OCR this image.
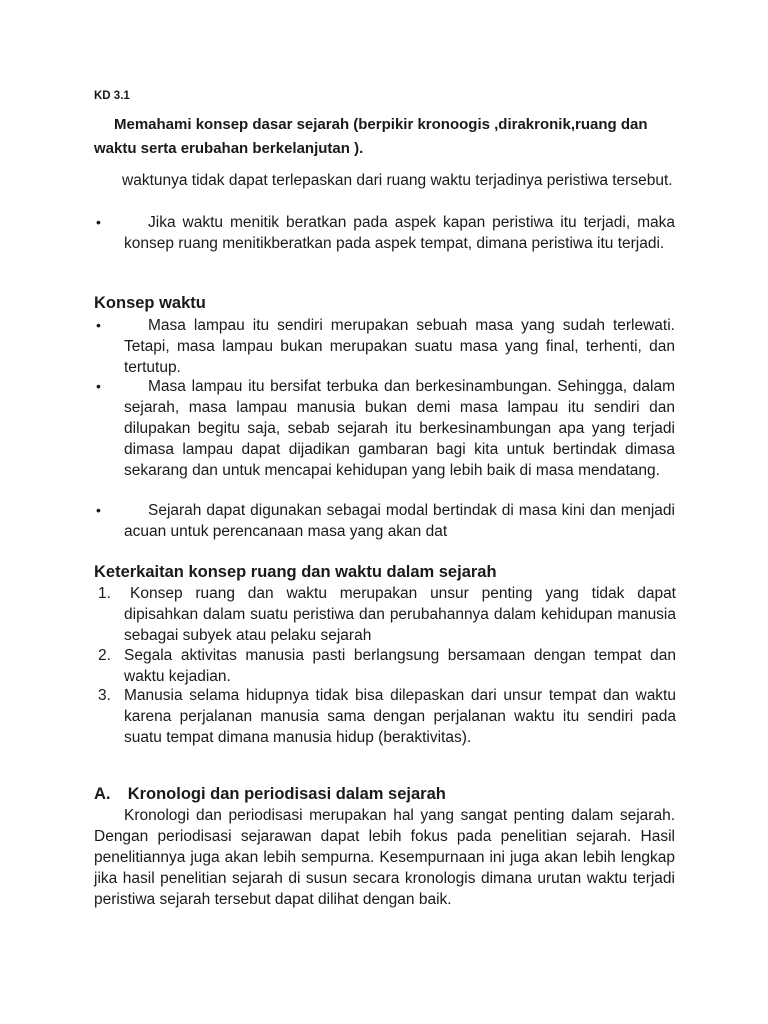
KD 3.1
Memahami konsep dasar sejarah (berpikir kronoogis ,dirakronik,ruang dan waktu serta erubahan berkelanjutan ).
waktunya tidak dapat terlepaskan dari ruang waktu terjadinya peristiwa tersebut.
•	Jika waktu menitik beratkan pada aspek kapan peristiwa itu terjadi, maka konsep ruang menitikberatkan pada aspek tempat, dimana peristiwa itu terjadi.
Konsep waktu
•	Masa lampau itu sendiri merupakan sebuah masa yang sudah terlewati. Tetapi, masa lampau bukan merupakan suatu masa yang final, terhenti, dan tertutup.
•	Masa lampau itu bersifat terbuka dan berkesinambungan. Sehingga, dalam sejarah, masa lampau manusia bukan demi masa lampau itu sendiri dan dilupakan begitu saja, sebab sejarah itu berkesinambungan apa yang terjadi dimasa lampau dapat dijadikan gambaran bagi kita untuk bertindak dimasa sekarang dan untuk mencapai kehidupan yang lebih baik di masa mendatang.
•	Sejarah dapat digunakan sebagai modal bertindak di masa kini dan menjadi acuan untuk perencanaan masa yang akan dat
Keterkaitan konsep ruang dan waktu dalam sejarah
1.	Konsep ruang dan waktu merupakan unsur penting yang tidak dapat dipisahkan dalam suatu peristiwa dan perubahannya dalam kehidupan manusia sebagai subyek atau pelaku sejarah
2. Segala aktivitas manusia pasti berlangsung bersamaan dengan tempat dan waktu kejadian.
3. Manusia selama hidupnya tidak bisa dilepaskan dari unsur tempat dan waktu karena perjalanan manusia sama dengan perjalanan waktu itu sendiri pada suatu tempat dimana manusia hidup (beraktivitas).
A. Kronologi dan periodisasi dalam sejarah
Kronologi dan periodisasi merupakan hal yang sangat penting dalam sejarah. Dengan periodisasi sejarawan dapat lebih fokus pada penelitian sejarah. Hasil penelitiannya juga akan lebih sempurna. Kesempurnaan ini juga akan lebih lengkap jika hasil penelitian sejarah di susun secara kronologis dimana urutan waktu terjadi peristiwa sejarah tersebut dapat dilihat dengan baik.
